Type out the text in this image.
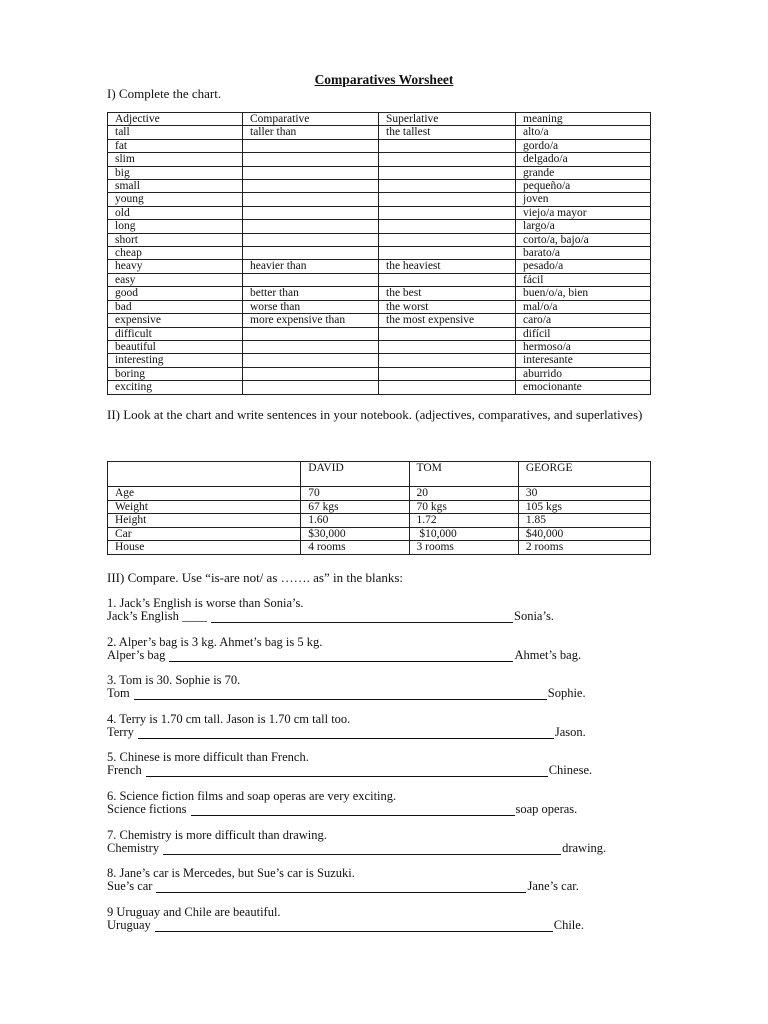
Comparatives Worsheet
I) Complete the chart.
Adjective	Comparative	Superlative	meaning
tall	taller than	the tallest	alto/a
fat			gordo/a
slim			delgado/a
big			grande
small			pequeño/a
young			joven
old			viejo/a mayor
long			largo/a
short			corto/a, bajo/a
cheap			barato/a
heavy	heavier than	the heaviest	pesado/a
easy			fácil
good	better than	the best	buen/o/a, bien
bad	worse than	the worst	mal/o/a
expensive	more expensive than	the most expensive	caro/a
difficult			difícil
beautiful			hermoso/a
interesting			interesante
boring			aburrido
exciting			emocionante
II) Look at the chart and write sentences in your notebook. (adjectives, comparatives, and superlatives)
	DAVID	TOM	GEORGE
Age	70	20	30
Weight	67 kgs	70 kgs	105 kgs
Height	1.60	1.72	1.85
Car	$30,000	$10,000	$40,000
House	4 rooms	3 rooms	2 rooms
III) Compare. Use “is-are not/ as ……. as” in the blanks:
1. Jack’s English is worse than Sonia’s.
Jack’s English ____	Sonia’s.
2. Alper’s bag is 3 kg. Ahmet’s bag is 5 kg.
Alper’s bag	Ahmet’s bag.
3. Tom is 30. Sophie is 70.
Tom	Sophie.
4. Terry is 1.70 cm tall. Jason is 1.70 cm tall too.
Terry	Jason.
5. Chinese is more difficult than French.
French	Chinese.
6. Science fiction films and soap operas are very exciting.
Science fictions	soap operas.
7. Chemistry is more difficult than drawing.
Chemistry	drawing.
8. Jane’s car is Mercedes, but Sue’s car is Suzuki.
Sue’s car	Jane’s car.
9 Uruguay and Chile are beautiful.
Uruguay	Chile.
